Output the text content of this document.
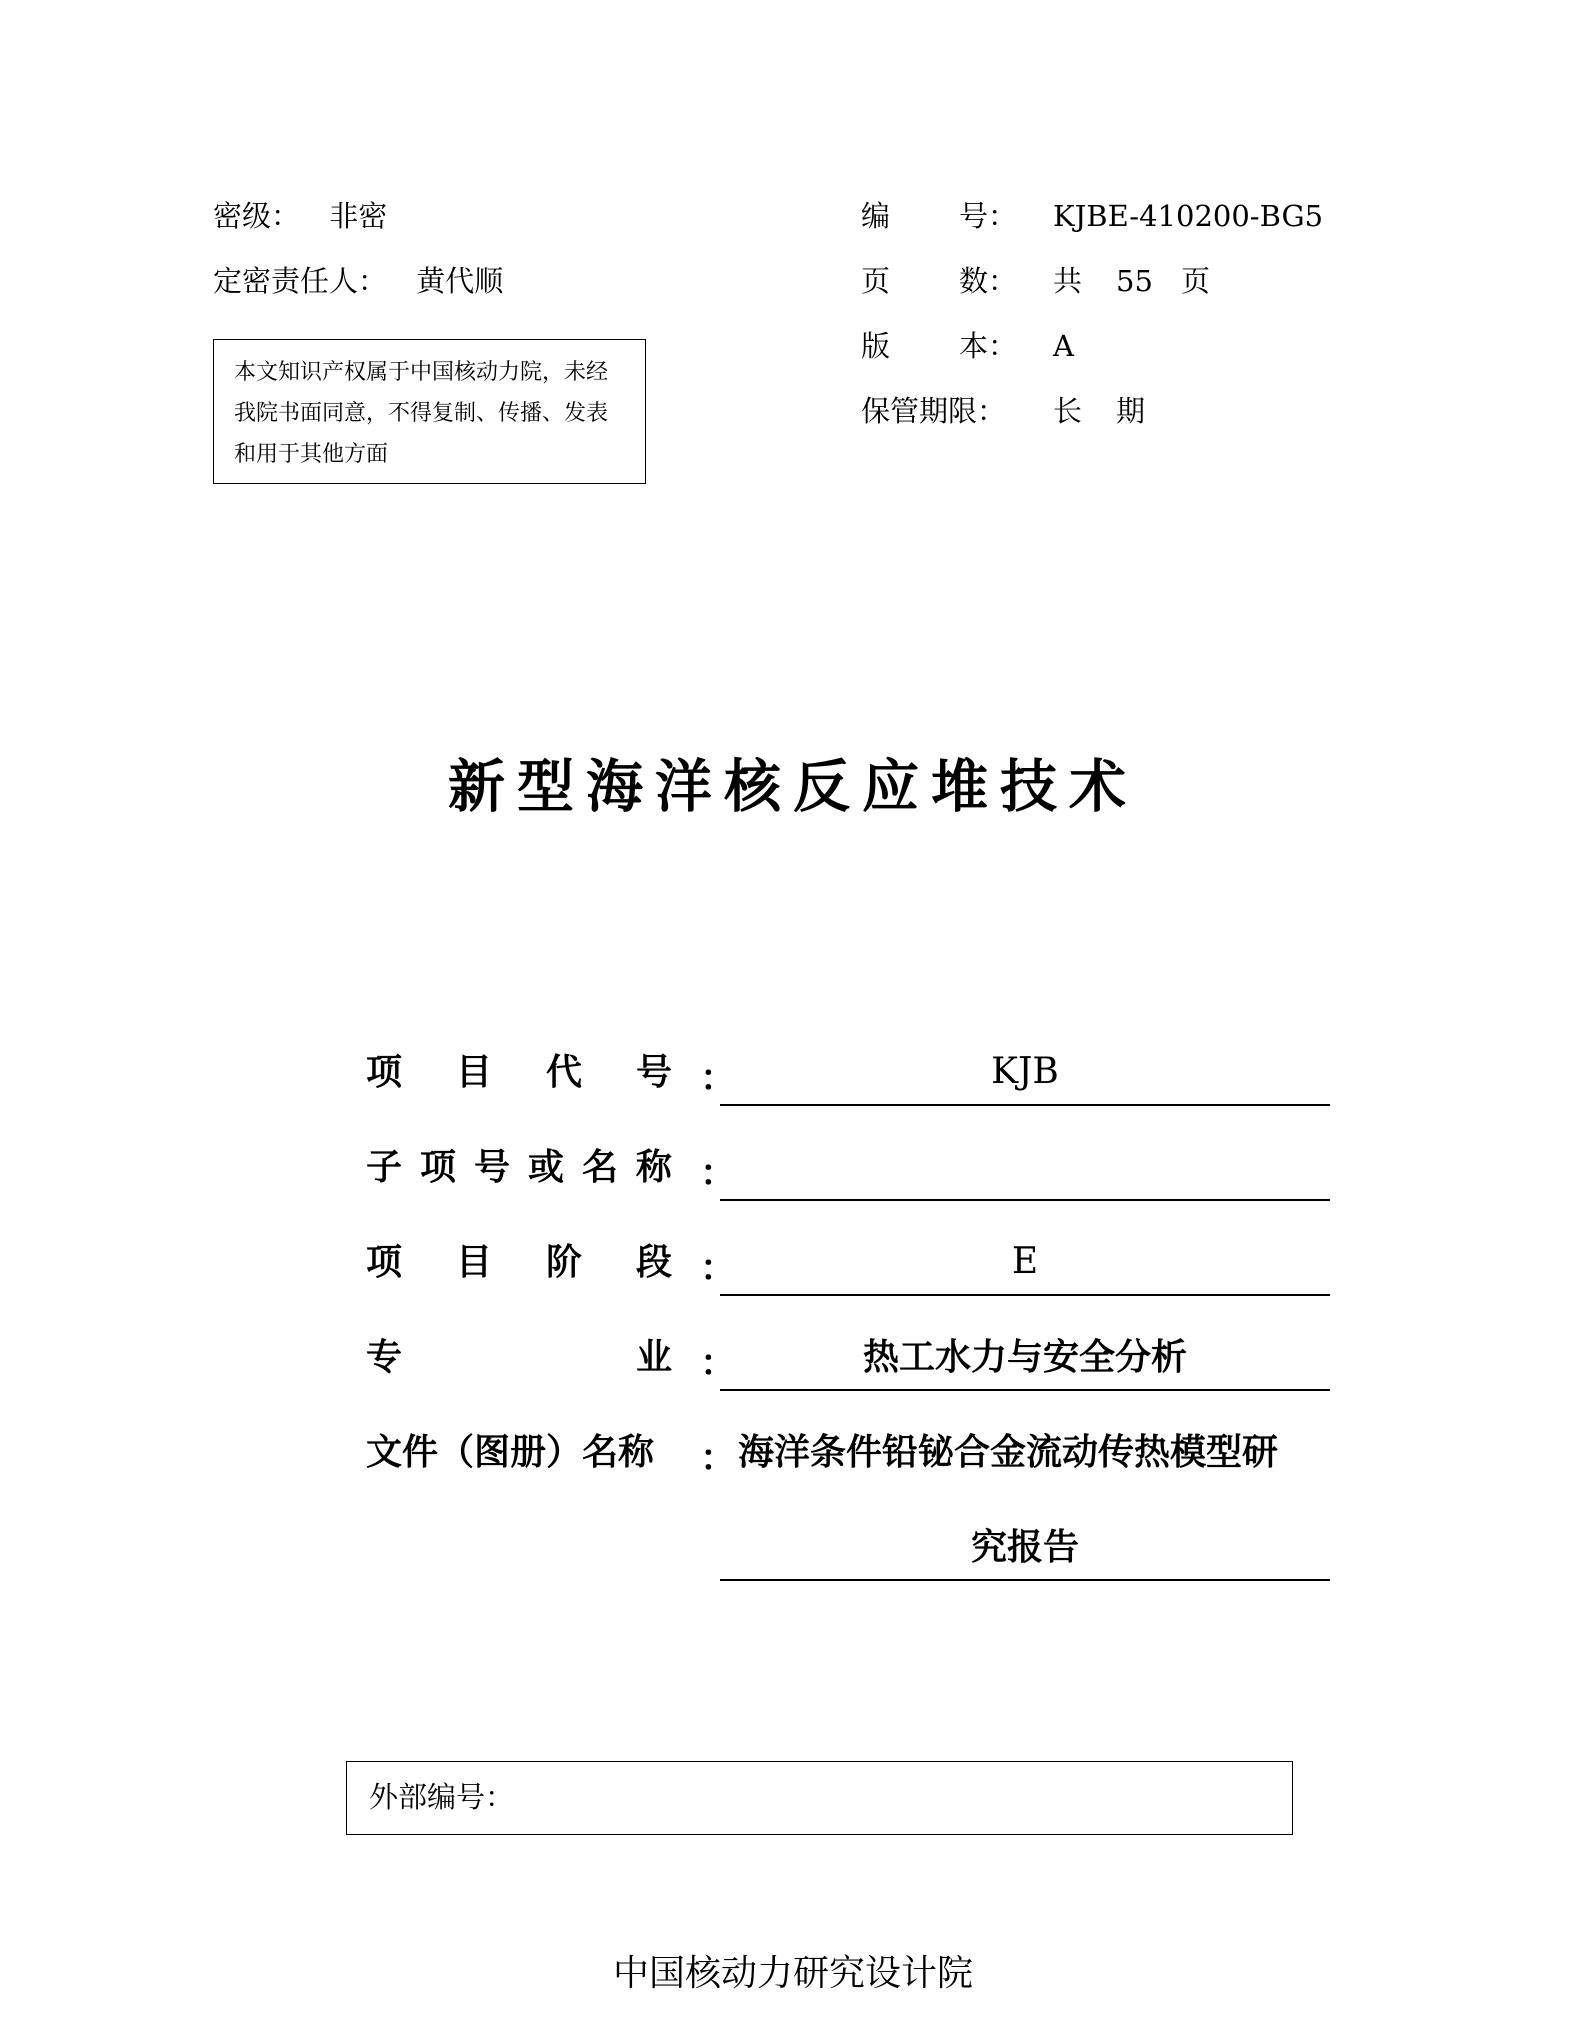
密级： 非密
定密责任人： 黄代顺
本文知识产权属于中国核动力院，未经我院书面同意，不得复制、传播、发表和用于其他方面
编 号： KJBE-410200-BG5
页 数： 共 55 页
版 本： A
保管期限： 长 期
新型海洋核反应堆技术
项 目 代 号 ：	KJB
子 项 号 或 名 称 ：
项 目 阶 段 ：	E
专	业 ：	热工水力与安全分析
文件（图册）名称	： 海洋条件铅铋合金流动传热模型研
究报告
外部编号：
中国核动力研究设计院
